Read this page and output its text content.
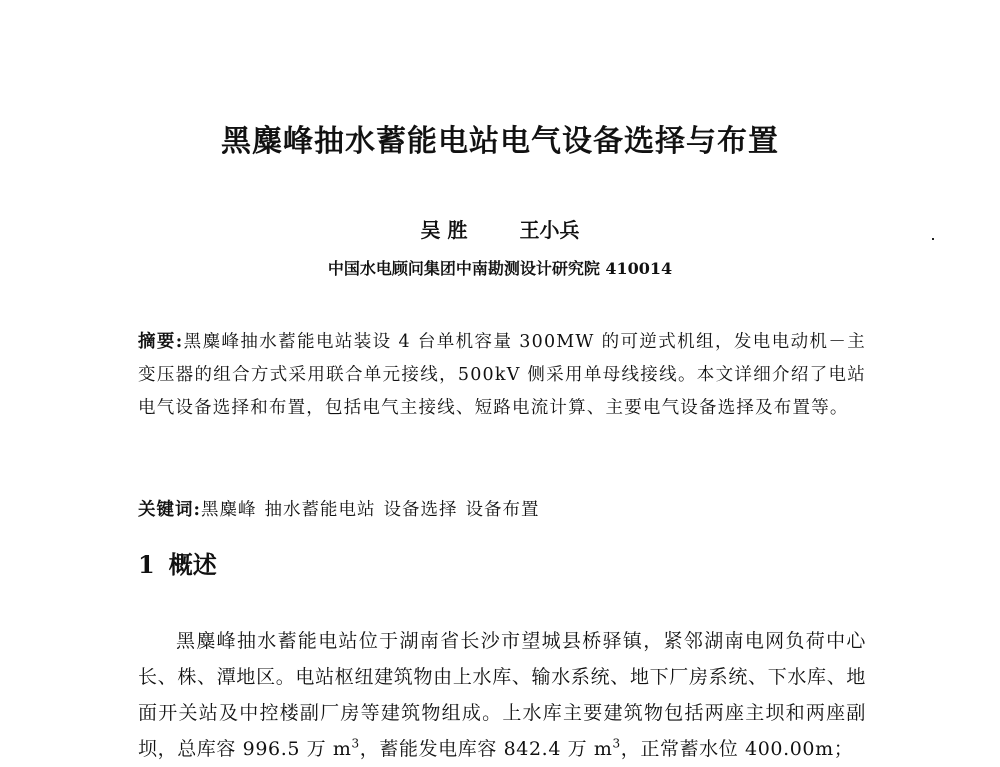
黑麋峰抽水蓄能电站电气设备选择与布置
吴 胜	王小兵
中国水电顾问集团中南勘测设计研究院 410014
摘要:黑麋峰抽水蓄能电站装设 4 台单机容量 300MW 的可逆式机组，发电电动机－主变压器的组合方式采用联合单元接线，500kV 侧采用单母线接线。本文详细介绍了电站电气设备选择和布置，包括电气主接线、短路电流计算、主要电气设备选择及布置等。
关键词:黑麋峰 抽水蓄能电站 设备选择 设备布置
1 概述

黑麋峰抽水蓄能电站位于湖南省长沙市望城县桥驿镇，紧邻湖南电网负荷中心长、株、潭地区。电站枢纽建筑物由上水库、输水系统、地下厂房系统、下水库、地面开关站及中控楼副厂房等建筑物组成。上水库主要建筑物包括两座主坝和两座副坝，总库容 996.5 万 $m^3$，蓄能发电库容 842.4 万 $m^3$，正常蓄水位 400.00m；
